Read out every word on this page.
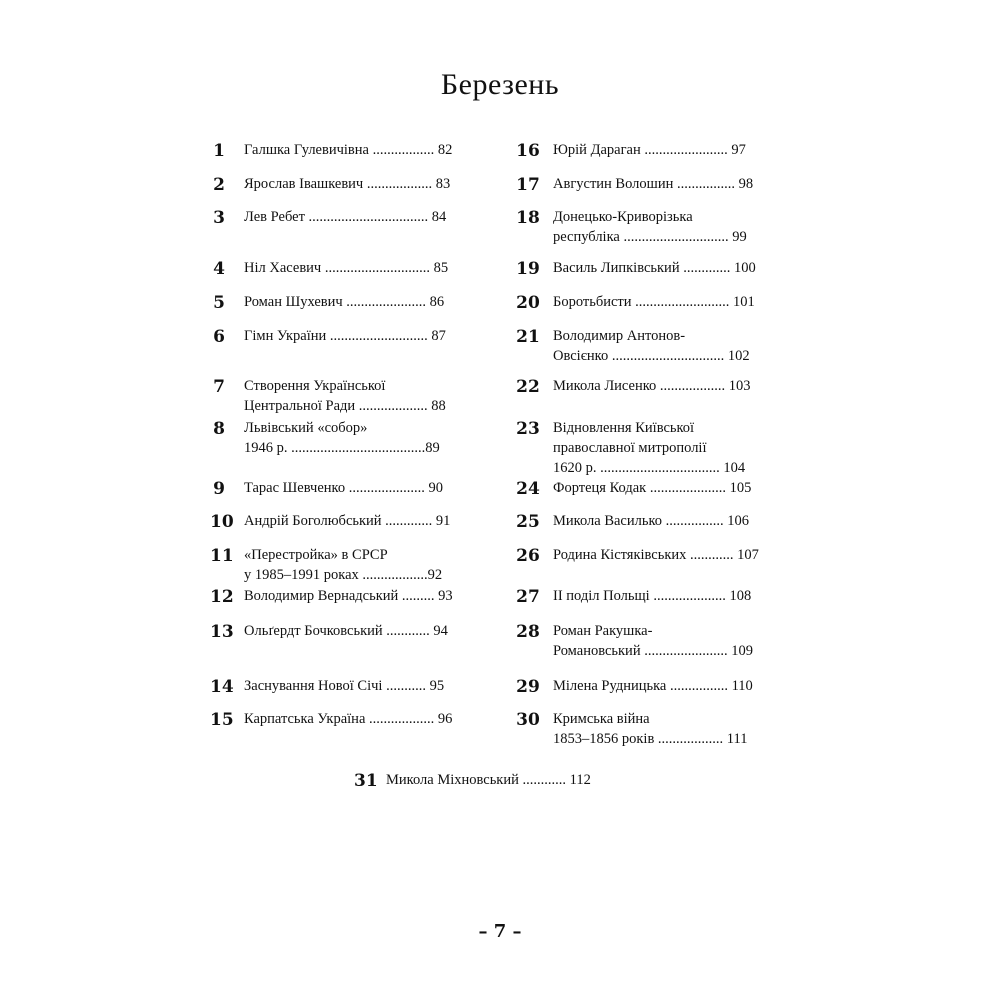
Березень
1 Галшка Гулевичівна ................. 82
2 Ярослав Івашкевич .................. 83
3 Лев Ребет ................................. 84
4 Ніл Хасевич ............................. 85
5 Роман Шухевич ...................... 86
6 Гімн України ........................... 87
7 Створення Української
Центральної Ради ................... 88
8 Львівський «собор»
1946 р. .....................................89
9 Тарас Шевченко ..................... 90
10 Андрій Боголюбський ............. 91
11 «Перестройка» в СРСР
у 1985–1991 роках ..................92
12 Володимир Вернадський ......... 93
13 Ольґердт Бочковський ............ 94
14 Заснування Нової Січі ........... 95
15 Карпатська Україна .................. 96
16 Юрій Дараган ....................... 97
17 Августин Волошин ................ 98
18 Донецько-Криворізька
республіка ............................. 99
19 Василь Липківський ............. 100
20 Боротьбисти .......................... 101
21 Володимир Антонов-
Овсієнко ............................... 102
22 Микола Лисенко .................. 103
23 Відновлення Київської
православної митрополії
1620 р. ................................. 104
24 Фортеця Кодак ..................... 105
25 Микола Василько ................ 106
26 Родина Кістяківських ............ 107
27 ІІ поділ Польщі .................... 108
28 Роман Ракушка-
Романовський ....................... 109
29 Мілена Рудницька ................ 110
30 Кримська війна
1853–1856 років .................. 111
31 Микола Міхновський ............ 112
– 7 –
